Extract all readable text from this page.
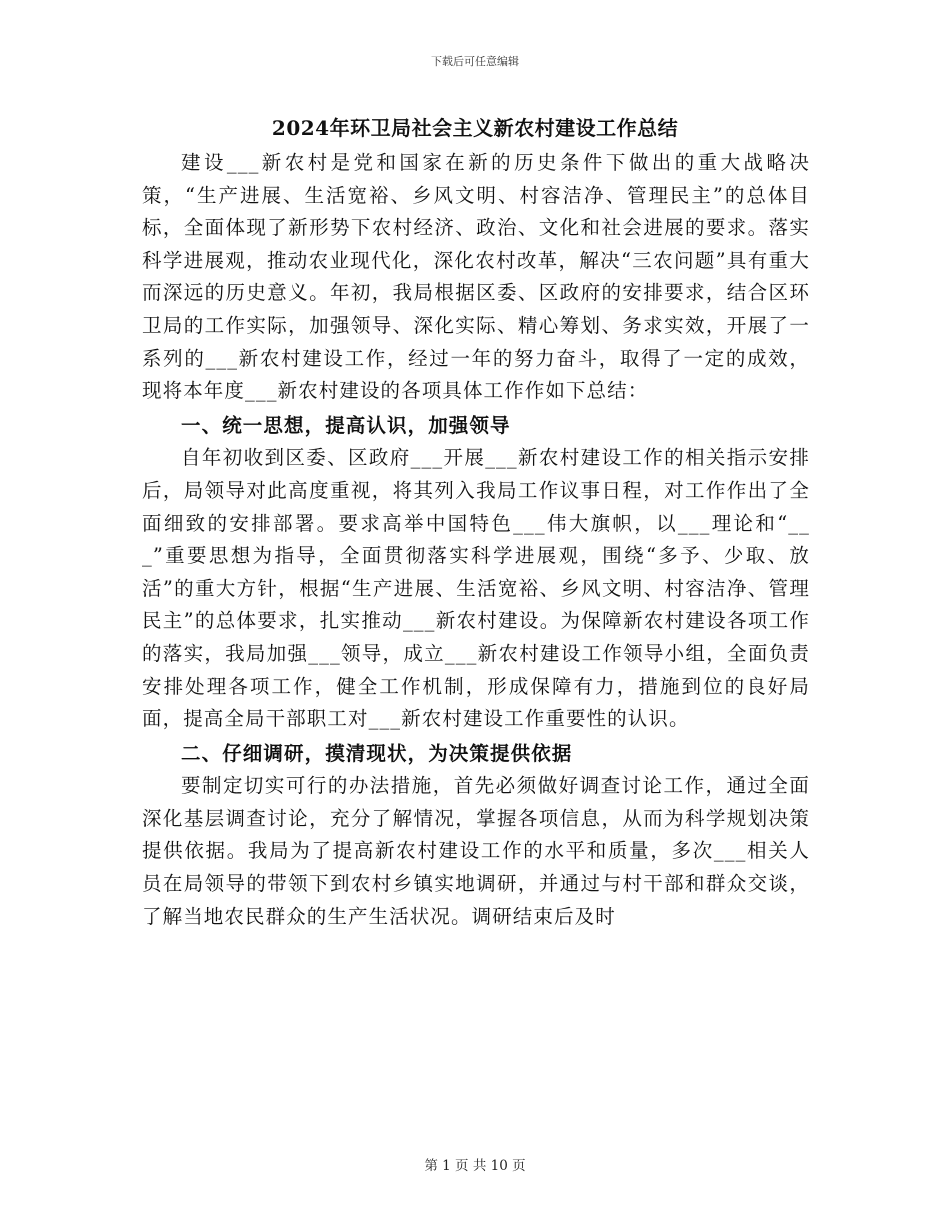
下载后可任意编辑
2024年环卫局社会主义新农村建设工作总结

建设___新农村是党和国家在新的历史条件下做出的重大战略决策，“生产进展、生活宽裕、乡风文明、村容洁净、管理民主”的总体目标，全面体现了新形势下农村经济、政治、文化和社会进展的要求。落实科学进展观，推动农业现代化，深化农村改革，解决“三农问题”具有重大而深远的历史意义。年初，我局根据区委、区政府的安排要求，结合区环卫局的工作实际，加强领导、深化实际、精心筹划、务求实效，开展了一系列的___新农村建设工作，经过一年的努力奋斗，取得了一定的成效，现将本年度___新农村建设的各项具体工作作如下总结：

一、统一思想，提高认识，加强领导

自年初收到区委、区政府___开展___新农村建设工作的相关指示安排后，局领导对此高度重视，将其列入我局工作议事日程，对工作作出了全面细致的安排部署。要求高举中国特色___伟大旗帜，以___理论和“___”重要思想为指导，全面贯彻落实科学进展观，围绕“多予、少取、放活”的重大方针，根据“生产进展、生活宽裕、乡风文明、村容洁净、管理民主”的总体要求，扎实推动___新农村建设。为保障新农村建设各项工作的落实，我局加强___领导，成立___新农村建设工作领导小组，全面负责安排处理各项工作，健全工作机制，形成保障有力，措施到位的良好局面，提高全局干部职工对___新农村建设工作重要性的认识。

二、仔细调研，摸清现状，为决策提供依据

要制定切实可行的办法措施，首先必须做好调查讨论工作，通过全面深化基层调查讨论，充分了解情况，掌握各项信息，从而为科学规划决策提供依据。我局为了提高新农村建设工作的水平和质量，多次___相关人员在局领导的带领下到农村乡镇实地调研，并通过与村干部和群众交谈，了解当地农民群众的生产生活状况。调研结束后及时

第 1 页 共 10 页
